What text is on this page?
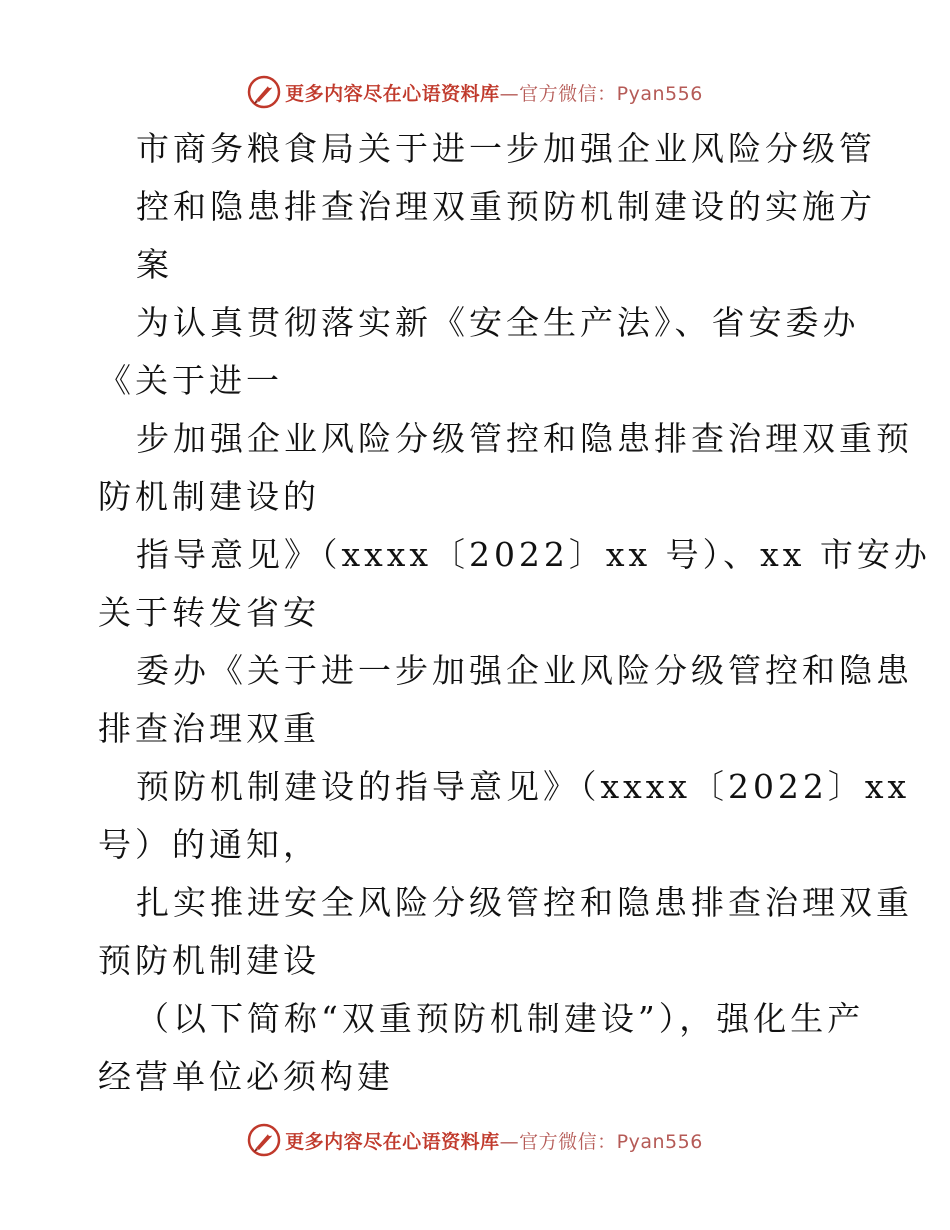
更多内容尽在心语资料库—官方微信：Pyan556
市商务粮食局关于进一步加强企业风险分级管
控和隐患排查治理双重预防机制建设的实施方
案
为认真贯彻落实新《安全生产法》、省安委办
《关于进一
步加强企业风险分级管控和隐患排查治理双重预
防机制建设的
指导意见》（xxxx〔2022〕xx 号）、xx 市安办
关于转发省安
委办《关于进一步加强企业风险分级管控和隐患
排查治理双重
预防机制建设的指导意见》（xxxx〔2022〕xx
号）的通知，
扎实推进安全风险分级管控和隐患排查治理双重
预防机制建设
（以下简称“双重预防机制建设”），强化生产
经营单位必须构建
更多内容尽在心语资料库—官方微信：Pyan556
